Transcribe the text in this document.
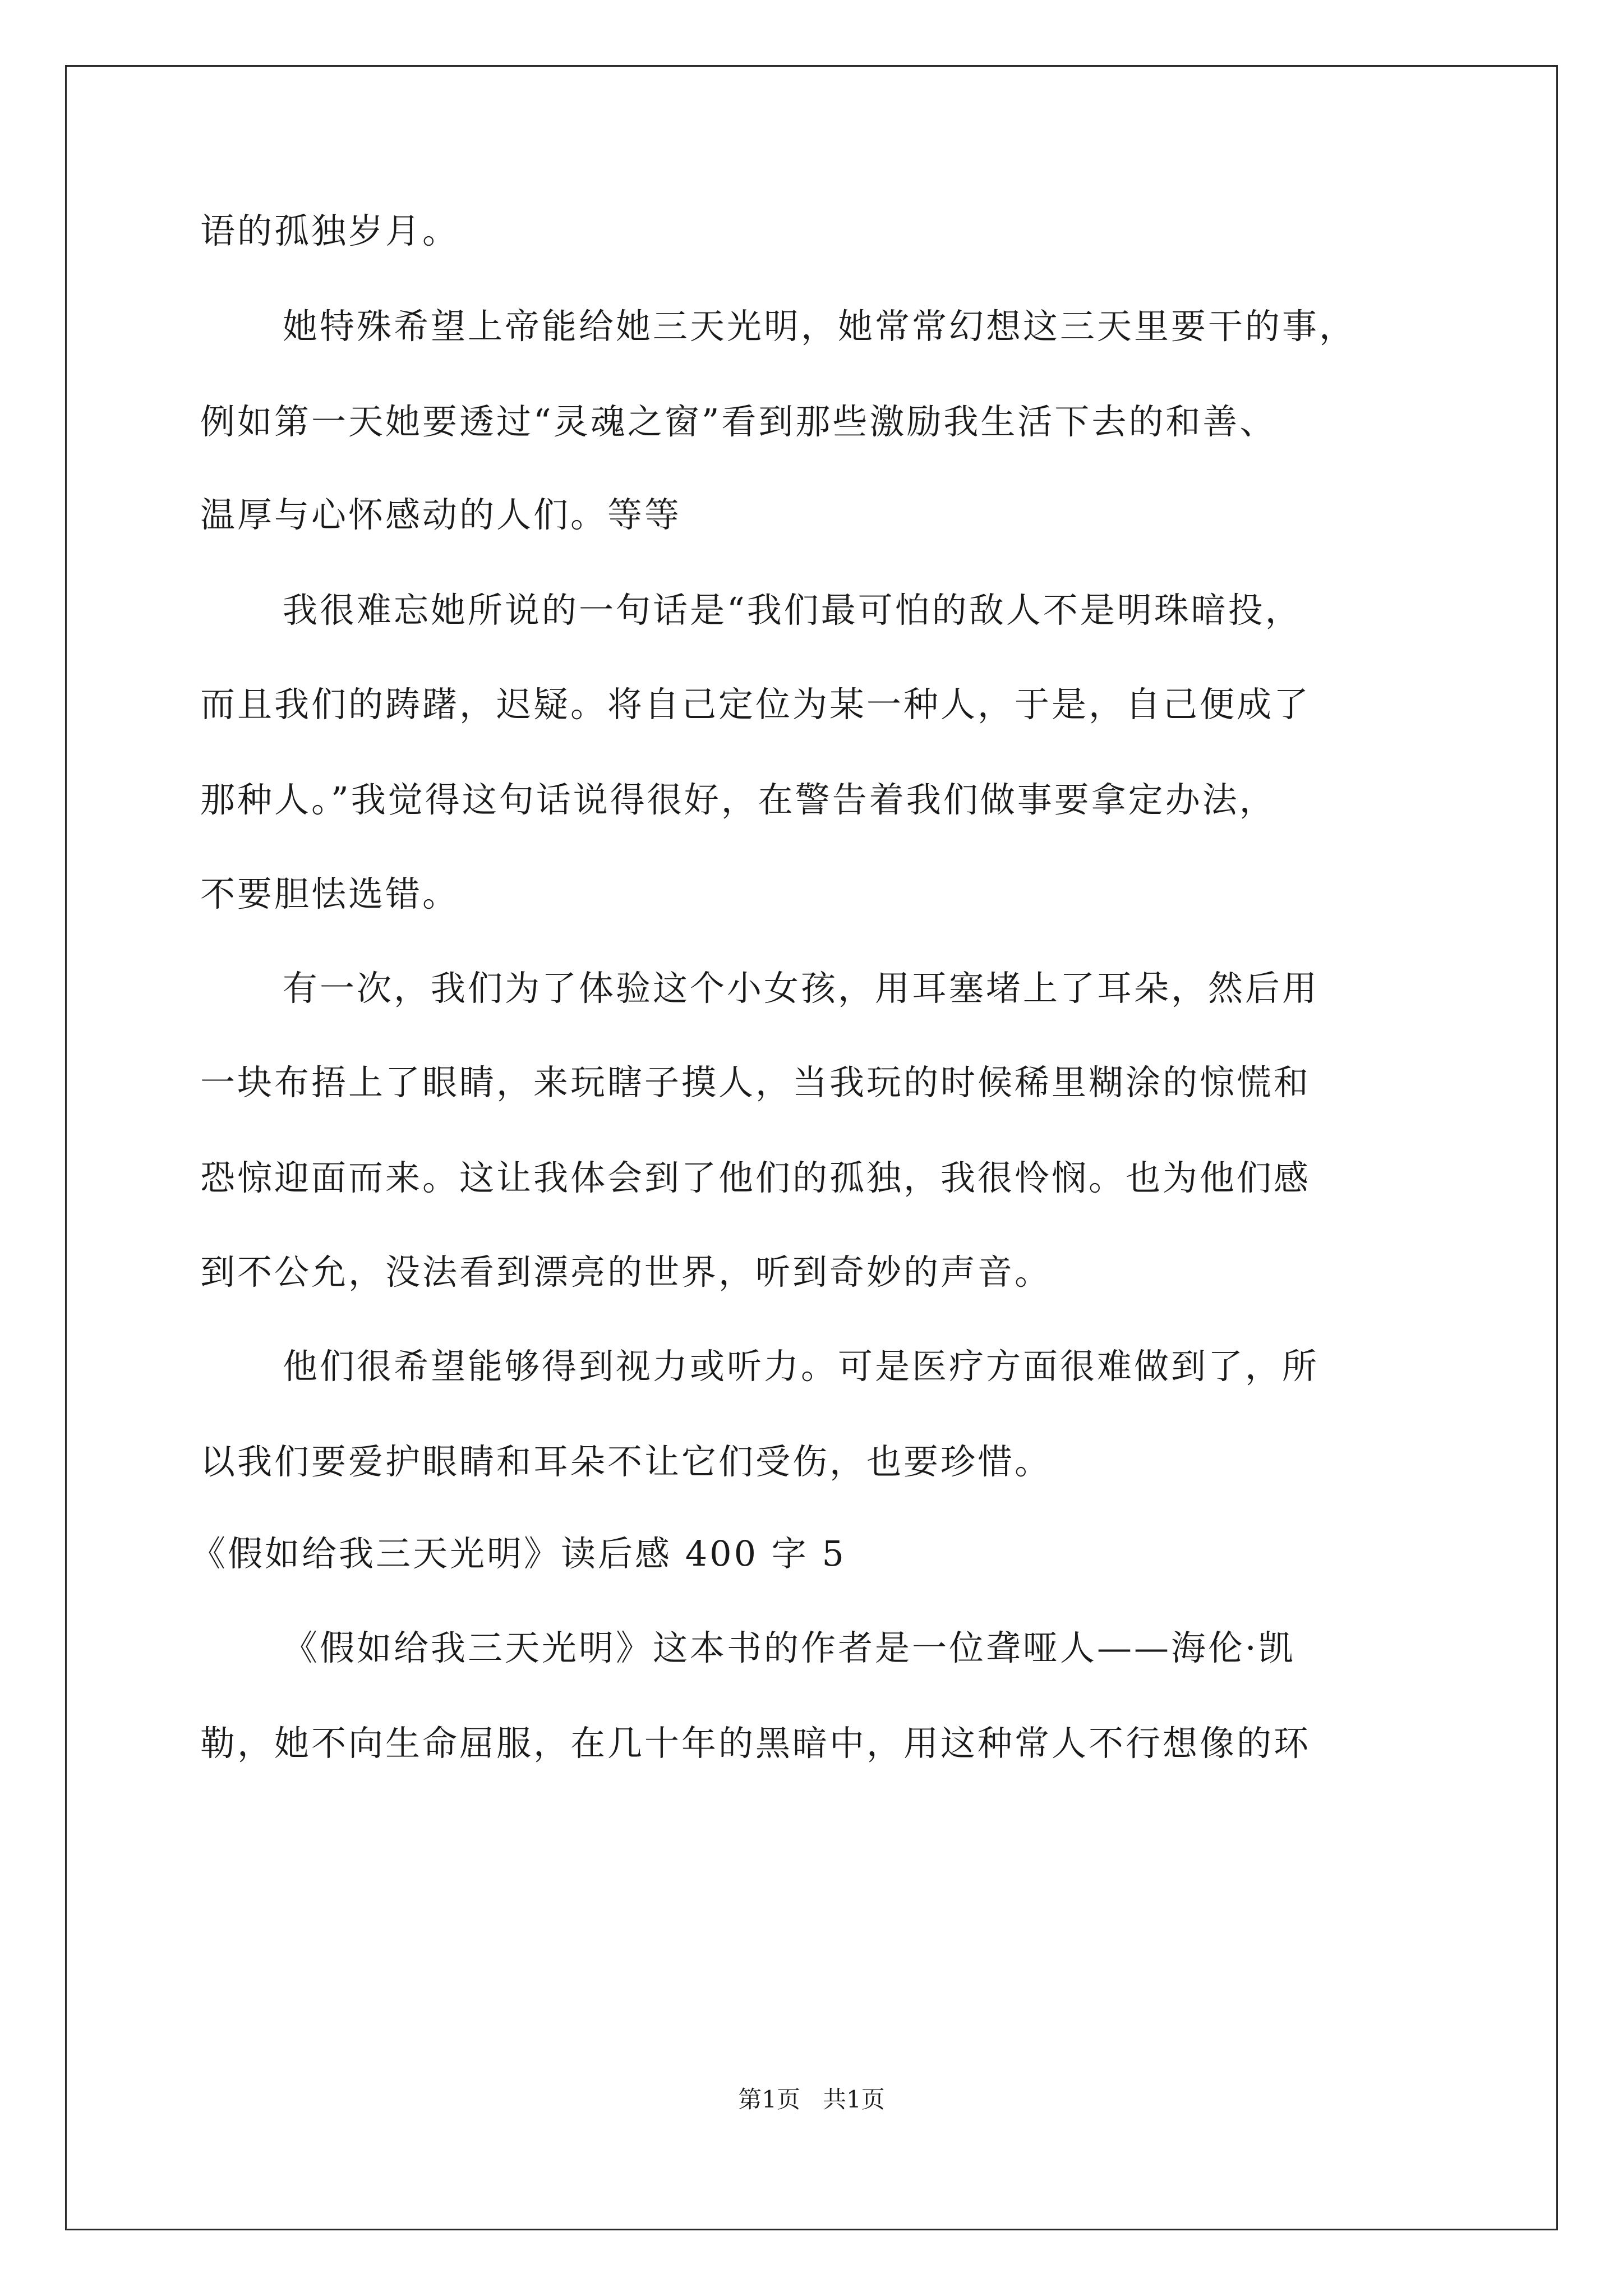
语的孤独岁月。
她特殊希望上帝能给她三天光明，她常常幻想这三天里要干的事，
例如第一天她要透过“灵魂之窗”看到那些激励我生活下去的和善、
温厚与心怀感动的人们。等等
我很难忘她所说的一句话是“我们最可怕的敌人不是明珠暗投，
而且我们的踌躇，迟疑。将自己定位为某一种人，于是，自己便成了
那种人。”我觉得这句话说得很好，在警告着我们做事要拿定办法，
不要胆怯选错。
有一次，我们为了体验这个小女孩，用耳塞堵上了耳朵，然后用
一块布捂上了眼睛，来玩瞎子摸人，当我玩的时候稀里糊涂的惊慌和
恐惊迎面而来。这让我体会到了他们的孤独，我很怜悯。也为他们感
到不公允，没法看到漂亮的世界，听到奇妙的声音。
他们很希望能够得到视力或听力。可是医疗方面很难做到了，所
以我们要爱护眼睛和耳朵不让它们受伤，也要珍惜。
《假如给我三天光明》读后感 400 字 5
《假如给我三天光明》这本书的作者是一位聋哑人——海伦·凯
勒，她不向生命屈服，在几十年的黑暗中，用这种常人不行想像的环
第1页   共1页
